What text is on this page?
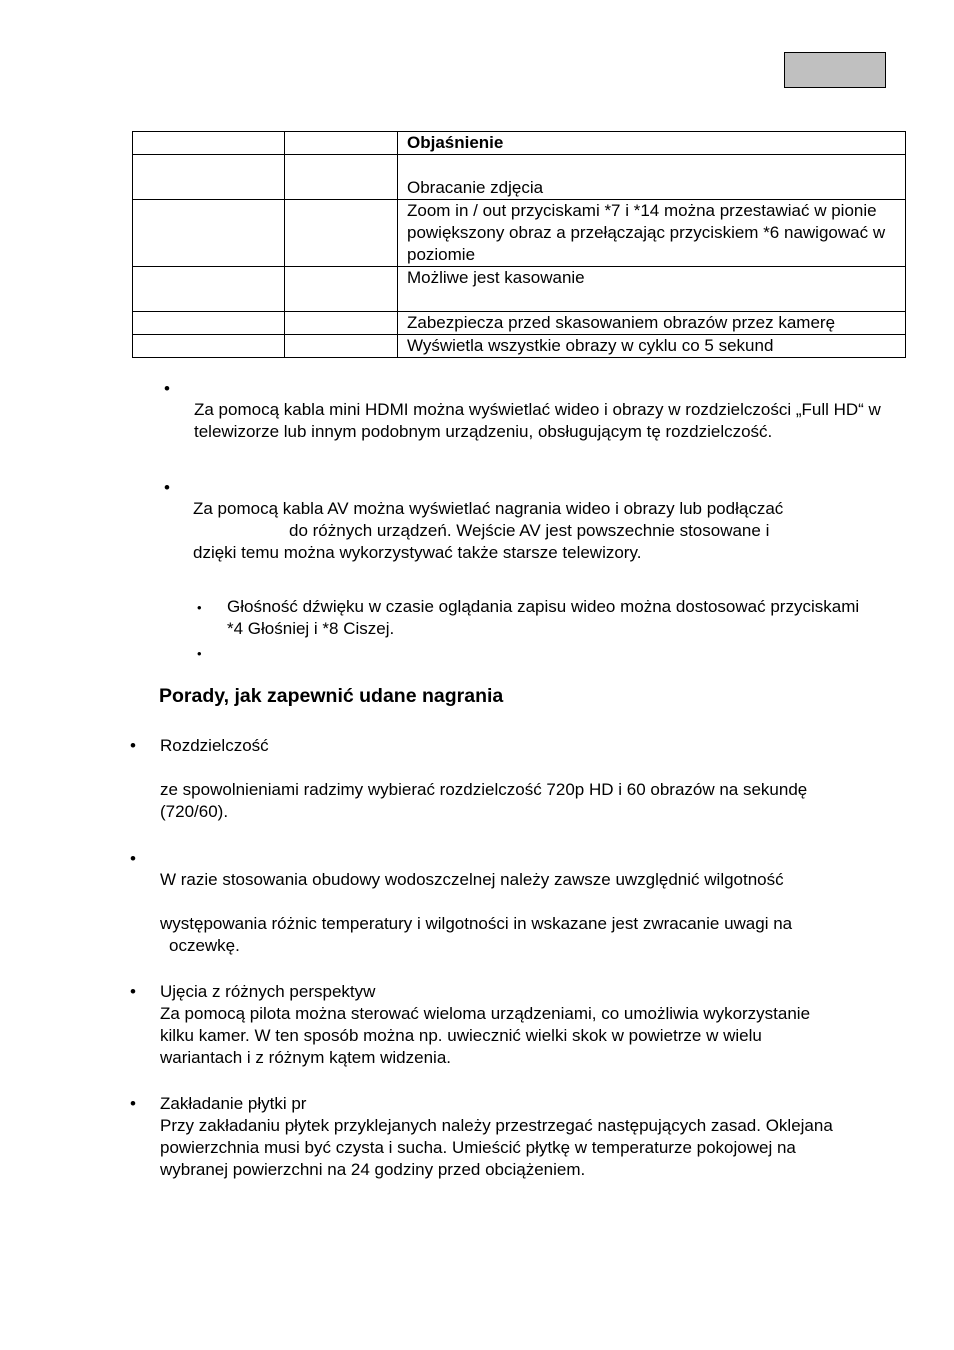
		Objaśnienie
		Obracanie zdjęcia
		Zoom in / out przyciskami *7 i *14 można przestawiać w pionie powiększony obraz a przełączając przyciskiem *6 nawigować w poziomie
		Możliwe jest kasowanie
		Zabezpiecza przed skasowaniem obrazów przez kamerę
		Wyświetla wszystkie obrazy w cyklu co 5 sekund
•

Za pomocą kabla mini HDMI można wyświetlać wideo i obrazy w rozdzielczości „Full HD“ w telewizorze lub innym podobnym urządzeniu, obsługującym tę rozdzielczość.

•

Za pomocą kabla AV można wyświetlać nagrania wideo i obrazy lub podłączać

do różnych urządzeń. Wejście AV jest powszechnie stosowane i

dzięki temu można wykorzystywać także starsze telewizory.

• Głośność dźwięku w czasie oglądania zapisu wideo można dostosować przyciskami *4 Głośniej i *8 Ciszej.

•
Porady, jak zapewnić udane nagrania
• Rozdzielczość

ze spowolnieniami radzimy wybierać rozdzielczość 720p HD i 60 obrazów na sekundę (720/60).

•

W razie stosowania obudowy wodoszczelnej należy zawsze uwzględnić wilgotność

występowania różnic temperatury i wilgotności in wskazane jest zwracanie uwagi na

oczewkę.

• Ujęcia z różnych perspektyw

Za pomocą pilota można sterować wieloma urządzeniami, co umożliwia wykorzystanie kilku kamer. W ten sposób można np. uwiecznić wielki skok w powietrze w wielu wariantach i z różnym kątem widzenia.

• Zakładanie płytki pr

Przy zakładaniu płytek przyklejanych należy przestrzegać następujących zasad. Oklejana powierzchnia musi być czysta i sucha. Umieścić płytkę w temperaturze pokojowej na wybranej powierzchni na 24 godziny przed obciążeniem.
